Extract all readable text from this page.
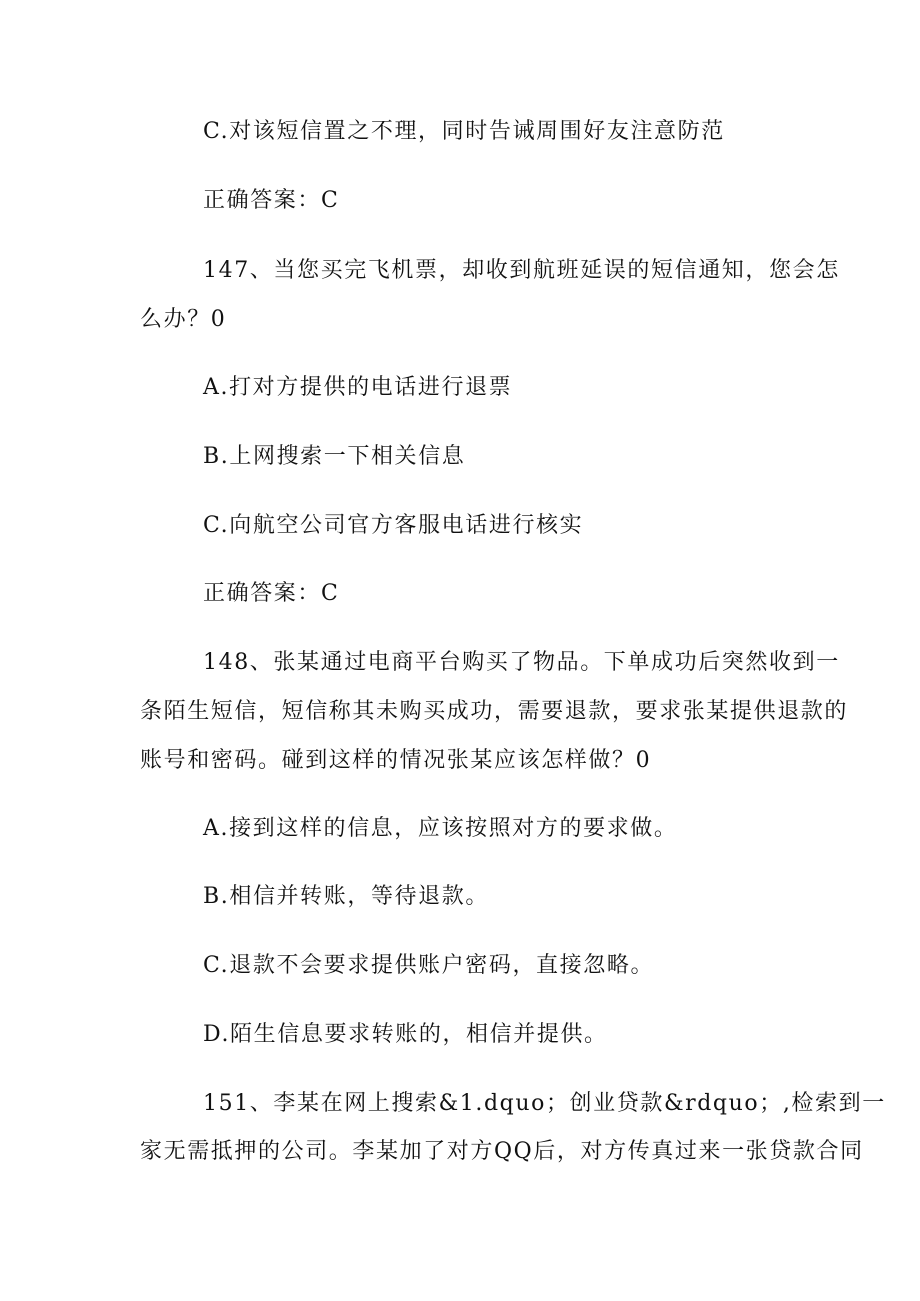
C.对该短信置之不理，同时告诫周围好友注意防范

正确答案：C

147、当您买完飞机票，却收到航班延误的短信通知，您会怎

么办？0

A.打对方提供的电话进行退票

B.上网搜索一下相关信息

C.向航空公司官方客服电话进行核实

正确答案：C

148、张某通过电商平台购买了物品。下单成功后突然收到一

条陌生短信，短信称其未购买成功，需要退款，要求张某提供退款的

账号和密码。碰到这样的情况张某应该怎样做？0

A.接到这样的信息，应该按照对方的要求做。

B.相信并转账，等待退款。

C.退款不会要求提供账户密码，直接忽略。

D.陌生信息要求转账的，相信并提供。

151、李某在网上搜索&1.dquo；创业贷款&rdquo；,检索到一

家无需抵押的公司。李某加了对方QQ后，对方传真过来一张贷款合同
